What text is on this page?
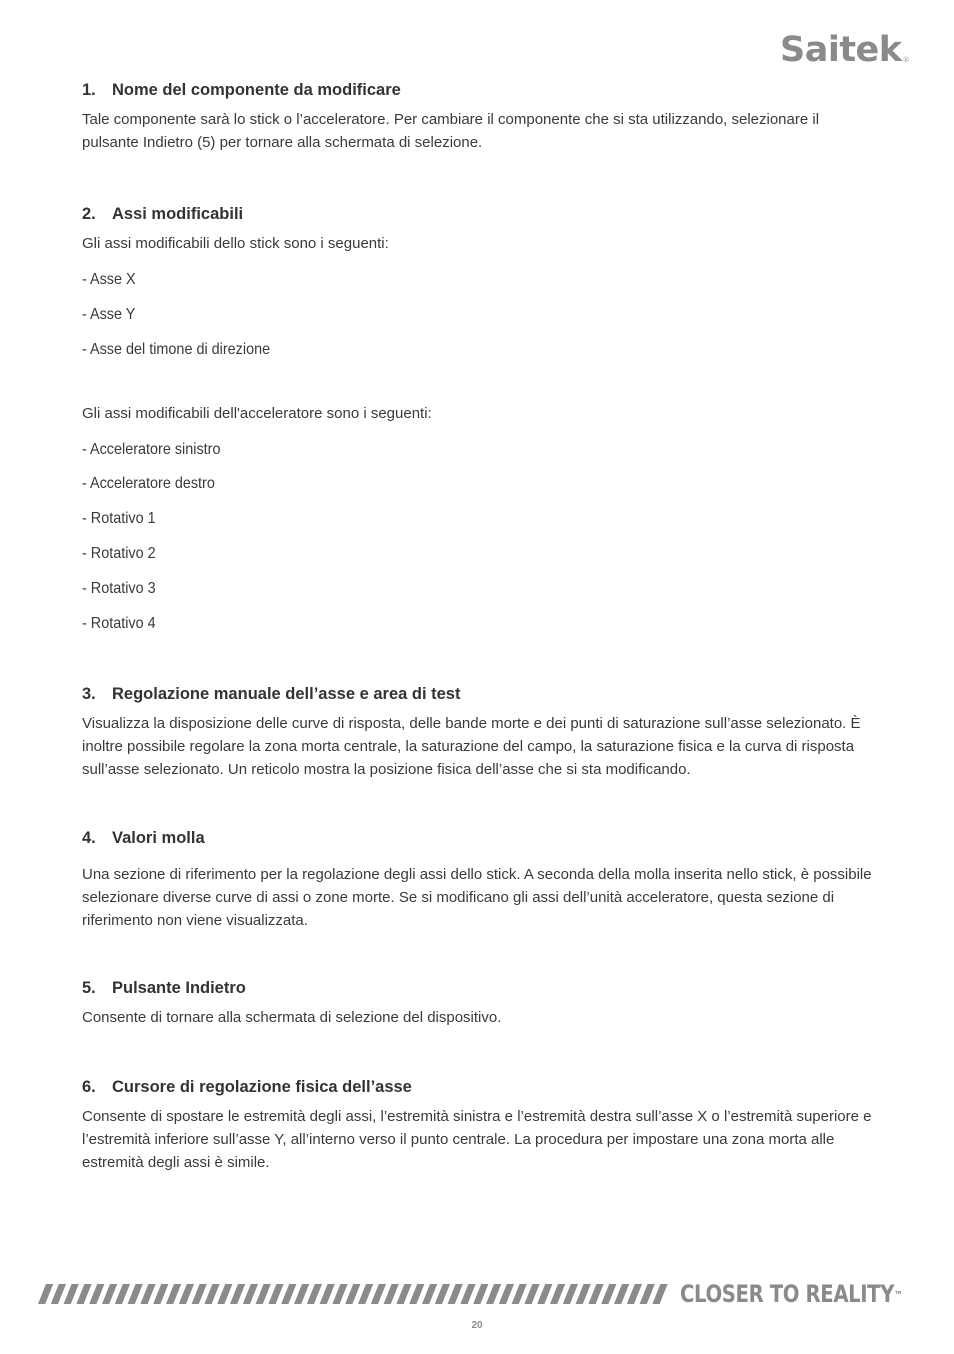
Saitek®
1. Nome del componente da modificare

Tale componente sarà lo stick o l’acceleratore. Per cambiare il componente che si sta utilizzando, selezionare il pulsante Indietro (5) per tornare alla schermata di selezione.

2. Assi modificabili

Gli assi modificabili dello stick sono i seguenti:

- Asse X
- Asse Y
- Asse del timone di direzione

Gli assi modificabili dell'acceleratore sono i seguenti:

- Acceleratore sinistro
- Acceleratore destro
- Rotativo 1
- Rotativo 2
- Rotativo 3
- Rotativo 4
3. Regolazione manuale dell’asse e area di test

Visualizza la disposizione delle curve di risposta, delle bande morte e dei punti di saturazione sull’asse selezionato. È inoltre possibile regolare la zona morta centrale, la saturazione del campo, la saturazione fisica e la curva di risposta sull’asse selezionato. Un reticolo mostra la posizione fisica dell’asse che si sta modificando.

4. Valori molla

Una sezione di riferimento per la regolazione degli assi dello stick. A seconda della molla inserita nello stick, è possibile selezionare diverse curve di assi o zone morte. Se si modificano gli assi dell’unità acceleratore, questa sezione di riferimento non viene visualizzata.

5. Pulsante Indietro

Consente di tornare alla schermata di selezione del dispositivo.

6. Cursore di regolazione fisica dell’asse

Consente di spostare le estremità degli assi, l’estremità sinistra e l’estremità destra sull’asse X o l’estremità superiore e l’estremità inferiore sull’asse Y, all’interno verso il punto centrale. La procedura per impostare una zona morta alle estremità degli assi è simile.

CLOSER TO REALITY™
20
